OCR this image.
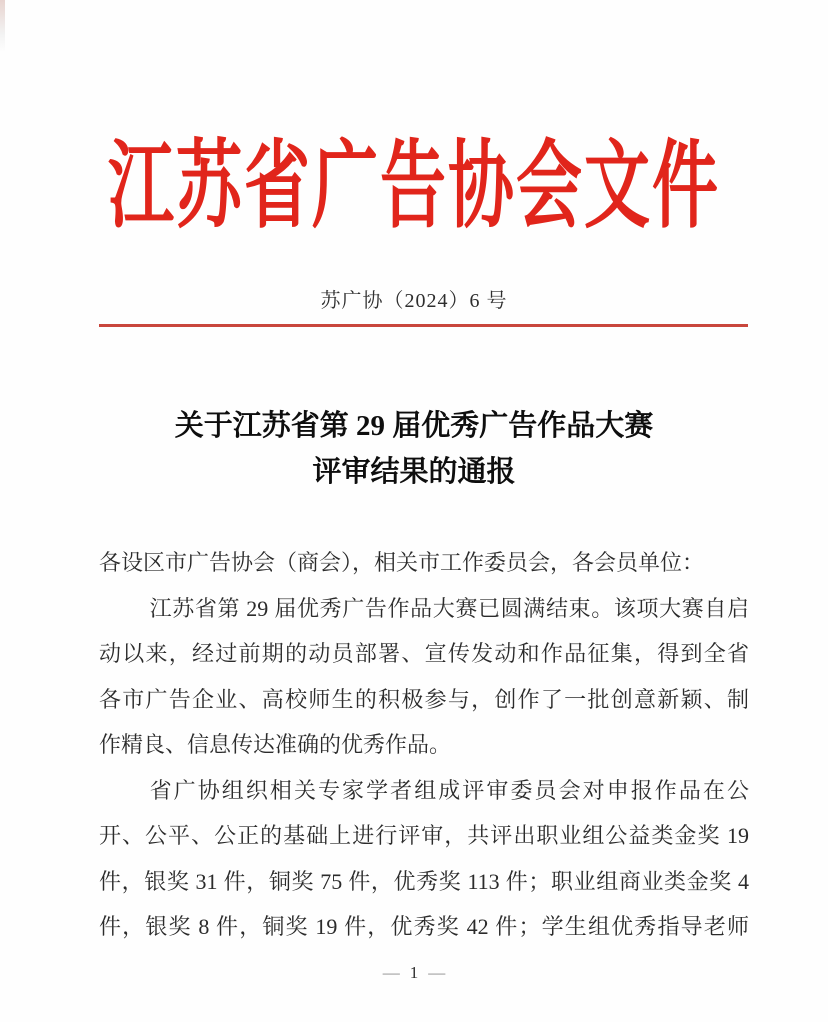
江苏省广告协会文件
苏广协（2024）6 号
关于江苏省第 29 届优秀广告作品大赛
评审结果的通报
各设区市广告协会（商会），相关市工作委员会，各会员单位：
江苏省第 29 届优秀广告作品大赛已圆满结束。该项大赛自启
动以来，经过前期的动员部署、宣传发动和作品征集，得到全省
各市广告企业、高校师生的积极参与，创作了一批创意新颖、制
作精良、信息传达准确的优秀作品。
省广协组织相关专家学者组成评审委员会对申报作品在公
开、公平、公正的基础上进行评审，共评出职业组公益类金奖 19
件，银奖 31 件，铜奖 75 件，优秀奖 113 件；职业组商业类金奖 4
件，银奖 8 件，铜奖 19 件，优秀奖 42 件；学生组优秀指导老师
— 1 —
